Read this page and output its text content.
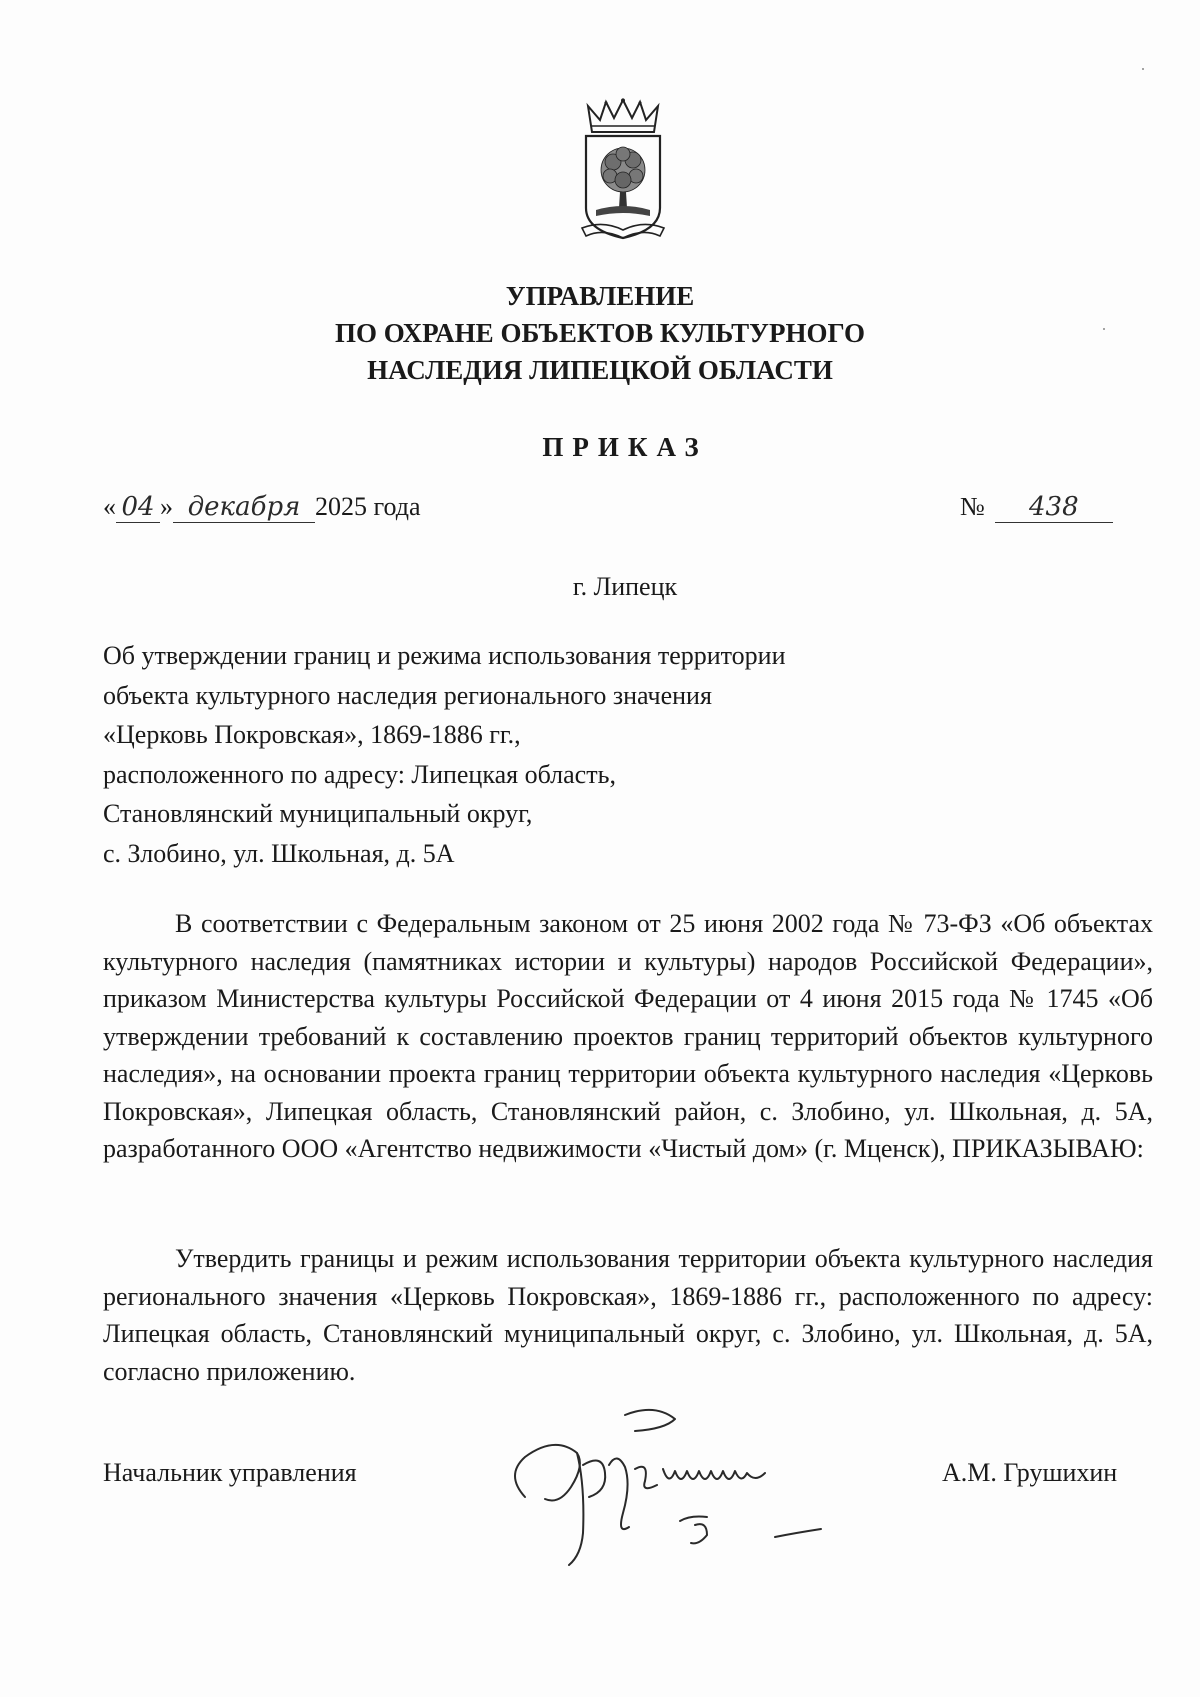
УПРАВЛЕНИЕ
ПО ОХРАНЕ ОБЪЕКТОВ КУЛЬТУРНОГО
НАСЛЕДИЯ ЛИПЕЦКОЙ ОБЛАСТИ
ПРИКАЗ
« 04 » декабря 2025 года	№ 438
г. Липецк
Об утверждении границ и режима использования территории
объекта культурного наследия регионального значения
«Церковь Покровская», 1869-1886 гг.,
расположенного по адресу: Липецкая область,
Становлянский муниципальный округ,
с. Злобино, ул. Школьная, д. 5А

В соответствии с Федеральным законом от 25 июня 2002 года № 73-ФЗ «Об объектах культурного наследия (памятниках истории и культуры) народов Российской Федерации», приказом Министерства культуры Российской Федерации от 4 июня 2015 года № 1745 «Об утверждении требований к составлению проектов границ территорий объектов культурного наследия», на основании проекта границ территории объекта культурного наследия «Церковь Покровская», Липецкая область, Становлянский район, с. Злобино, ул. Школьная, д. 5А, разработанного ООО «Агентство недвижимости «Чистый дом» (г. Мценск), ПРИКАЗЫВАЮ:

Утвердить границы и режим использования территории объекта культурного наследия регионального значения «Церковь Покровская», 1869-1886 гг., расположенного по адресу: Липецкая область, Становлянский муниципальный округ, с. Злобино, ул. Школьная, д. 5А, согласно приложению.

Начальник управления	А.М. Грушихин
